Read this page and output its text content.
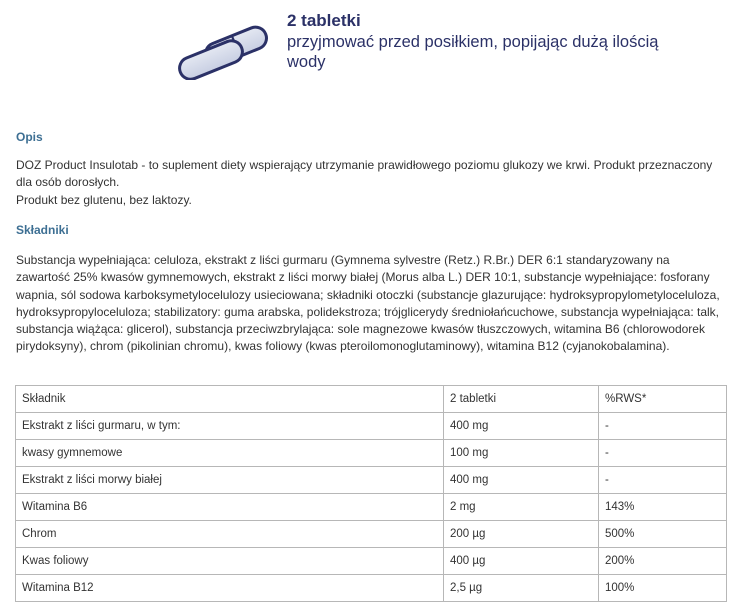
2 tabletki
przyjmować przed posiłkiem, popijając dużą ilością wody
Opis
DOZ Product Insulotab - to suplement diety wspierający utrzymanie prawidłowego poziomu glukozy we krwi. Produkt przeznaczony dla osób dorosłych.
Produkt bez glutenu, bez laktozy.
Składniki
Substancja wypełniająca: celuloza, ekstrakt z liści gurmaru (Gymnema sylvestre (Retz.) R.Br.) DER 6:1 standaryzowany na zawartość 25% kwasów gymnemowych, ekstrakt z liści morwy białej (Morus alba L.) DER 10:1, substancje wypełniające: fosforany wapnia, sól sodowa karboksymetylocelulozy usieciowana; składniki otoczki (substancje glazurujące: hydroksypropylometyloceluloza, hydroksypropyloceluloza; stabilizatory: guma arabska, polidekstroza; trójglicerydy średniołańcuchowe, substancja wypełniająca: talk, substancja wiążąca: glicerol), substancja przeciwzbrylająca: sole magnezowe kwasów tłuszczowych, witamina B6 (chlorowodorek pirydoksyny), chrom (pikolinian chromu), kwas foliowy (kwas pteroilomonoglutaminowy), witamina B12 (cyjanokobalamina).
Składnik	2 tabletki	%RWS*
Ekstrakt z liści gurmaru, w tym:	400 mg	-
kwasy gymnemowe	100 mg	-
Ekstrakt z liści morwy białej	400 mg	-
Witamina B6	2 mg	143%
Chrom	200 µg	500%
Kwas foliowy	400 µg	200%
Witamina B12	2,5 µg	100%
